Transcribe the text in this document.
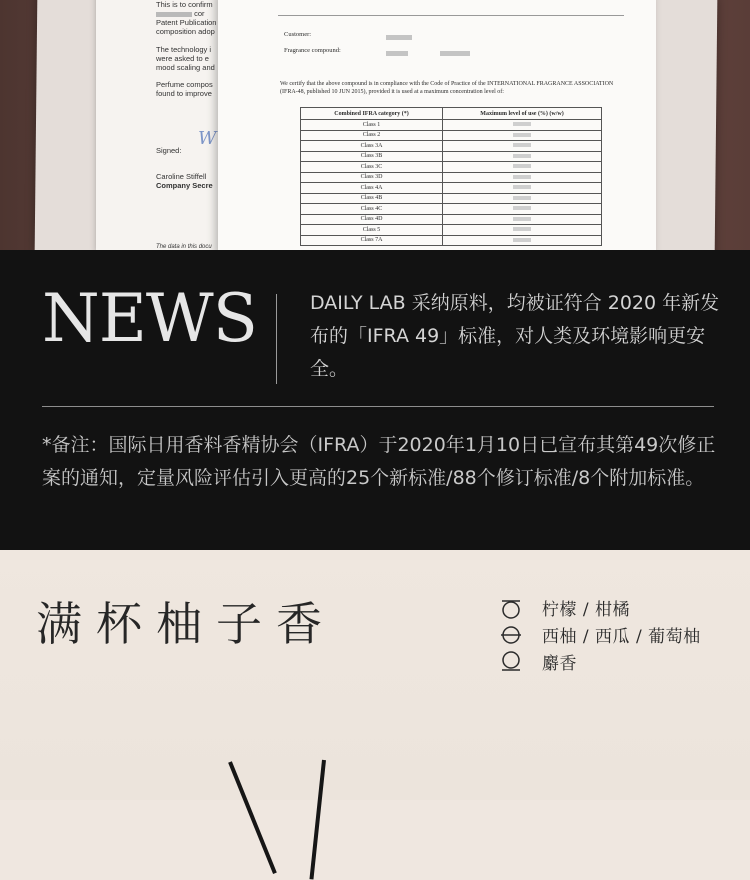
This is to confirm

cor

Patent Publication

composition adop

The technology i

were asked to e

mood scaling and

Perfume compos

found to improve

Signed:

W

Caroline Stiffell

Company Secre

The data in this docu

Customer:
Fragrance compound:
We certify that the above compound is in compliance with the Code of Practice of the INTERNATIONAL FRAGRANCE ASSOCIATION (IFRA-48, published 10 JUN 2015), provided it is used at a maximum concentration level of:
Combined IFRA category (*)	Maximum level of use (%) (w/w)
Class 1	
Class 2	
Class 3A	
Class 3B	
Class 3C	
Class 3D	
Class 4A	
Class 4B	
Class 4C	
Class 4D	
Class 5	
Class 7A	
NEWS	DAILY LAB 采纳原料，均被证符合 2020 年新发布的「IFRA 49」标准，对人类及环境影响更安全。

*备注：国际日用香料香精协会（IFRA）于2020年1月10日已宣布其第49次修正案的通知，定量风险评估引入更高的25个新标准/88个修订标准/8个附加标准。

满杯柚子香	柠檬 / 柑橘
西柚 / 西瓜 / 葡萄柚
麝香
